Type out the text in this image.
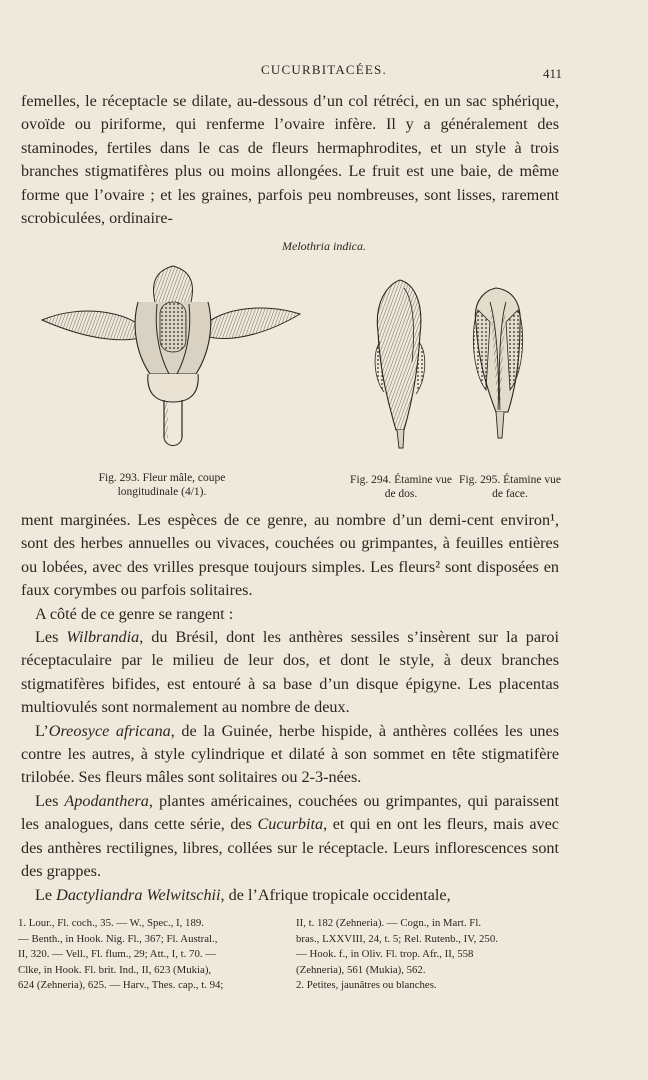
CUCURBITACÉES.	411

femelles, le réceptacle se dilate, au-dessous d’un col rétréci, en un sac sphérique, ovoïde ou piriforme, qui renferme l’ovaire infère. Il y a généralement des staminodes, fertiles dans le cas de fleurs hermaphrodites, et un style à trois branches stigmatifères plus ou moins allongées. Le fruit est une baie, de même forme que l’ovaire ; et les graines, parfois peu nombreuses, sont lisses, rarement scrobiculées, ordinaire-

Melothria indica.
Fig. 293. Fleur mâle, coupe longitudinale (4/1).
Fig. 294. Étamine vue de dos.
Fig. 295. Étamine vue de face.

ment marginées. Les espèces de ce genre, au nombre d’un demi-cent environ¹, sont des herbes annuelles ou vivaces, couchées ou grimpantes, à feuilles entières ou lobées, avec des vrilles presque toujours simples. Les fleurs² sont disposées en faux corymbes ou parfois solitaires.

A côté de ce genre se rangent :

Les Wilbrandia, du Brésil, dont les anthères sessiles s’insèrent sur la paroi réceptaculaire par le milieu de leur dos, et dont le style, à deux branches stigmatifères bifides, est entouré à sa base d’un disque épigyne. Les placentas multiovulés sont normalement au nombre de deux.

L’Oreosyce africana, de la Guinée, herbe hispide, à anthères collées les unes contre les autres, à style cylindrique et dilaté à son sommet en tête stigmatifère trilobée. Ses fleurs mâles sont solitaires ou 2-3-nées.

Les Apodanthera, plantes américaines, couchées ou grimpantes, qui paraissent les analogues, dans cette série, des Cucurbita, et qui en ont les fleurs, mais avec des anthères rectilignes, libres, collées sur le réceptacle. Leurs inflorescences sont des grappes.

Le Dactyliandra Welwitschii, de l’Afrique tropicale occidentale,

1. Lour., Fl. coch., 35. — W., Spec., I, 189.
— Benth., in Hook. Nig. Fl., 367; Fl. Austral.,
II, 320. — Vell., Fl. flum., 29; Att., I, t. 70. —
Clke, in Hook. Fl. brit. Ind., II, 623 (Mukia),
624 (Zehneria), 625. — Harv., Thes. cap., t. 94;
II, t. 182 (Zehneria). — Cogn., in Mart. Fl.
bras., LXXVIII, 24, t. 5; Rel. Rutenb., IV, 250.
— Hook. f., in Oliv. Fl. trop. Afr., II, 558
(Zehneria), 561 (Mukia), 562.
2. Petites, jaunâtres ou blanches.
